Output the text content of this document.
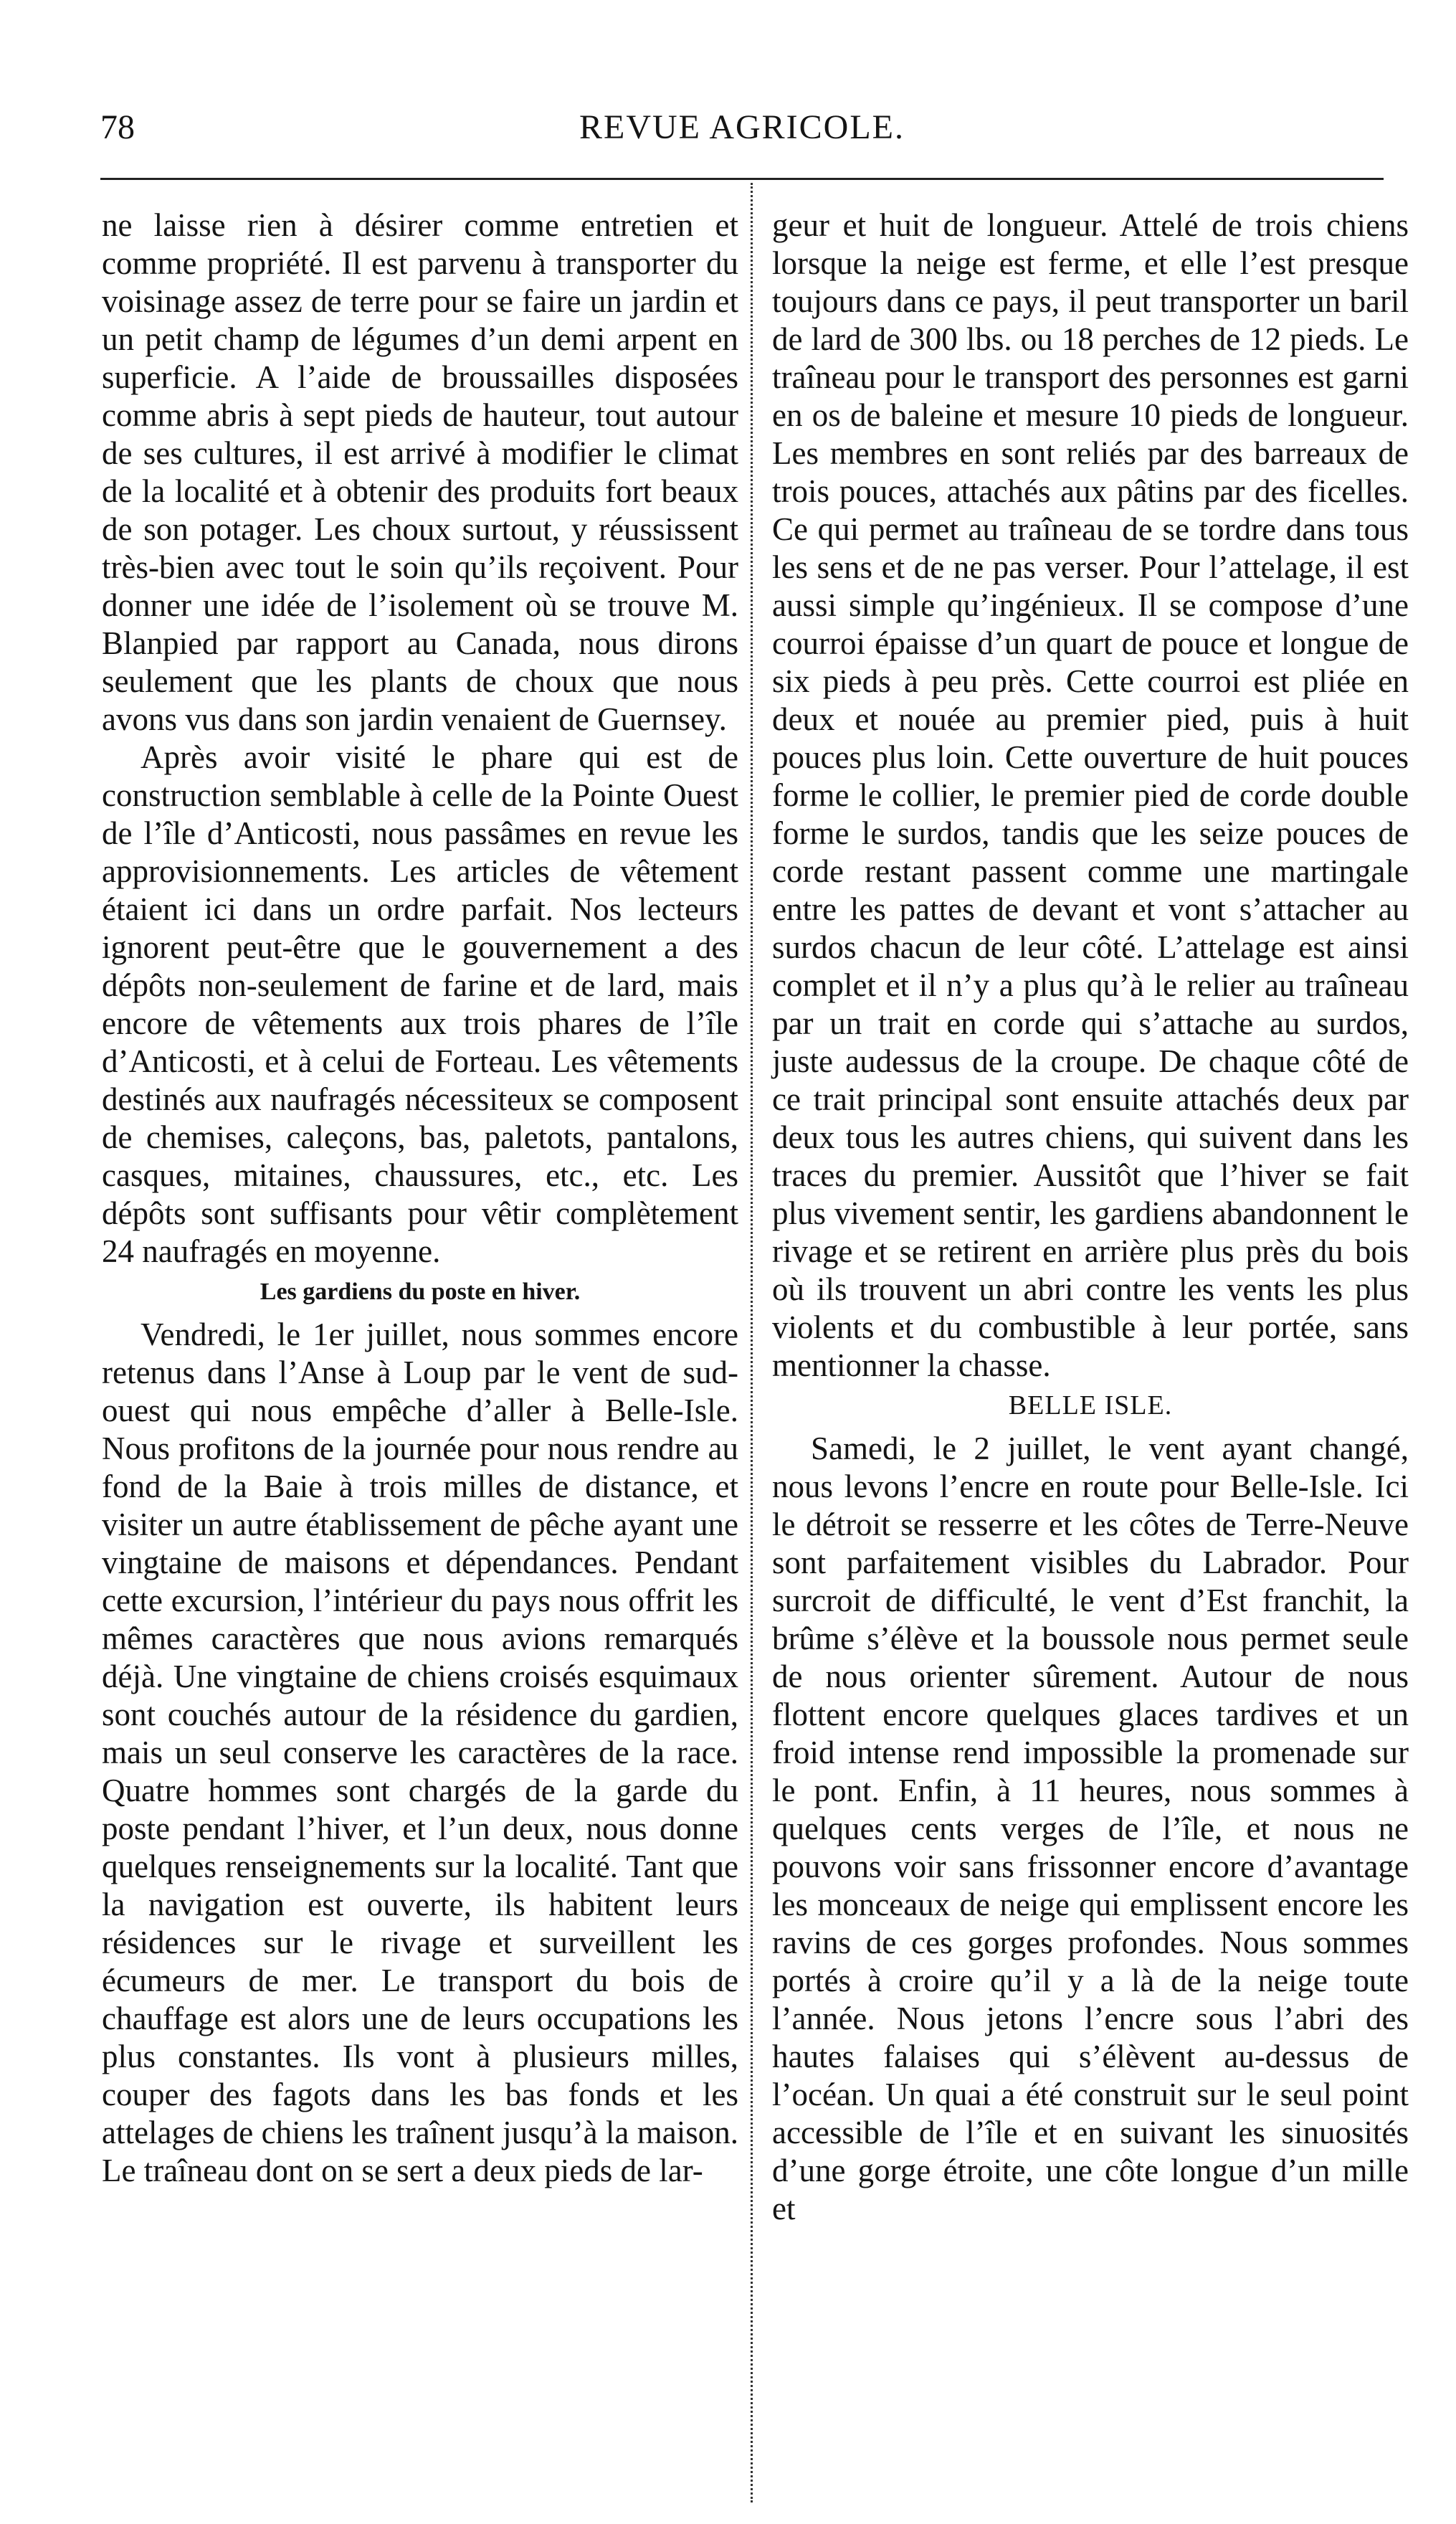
78	REVUE AGRICOLE.

ne laisse rien à désirer comme entretien et comme propriété. Il est parvenu à transporter du voisinage assez de terre pour se faire un jardin et un petit champ de légumes d’un demi arpent en superficie. A l’aide de broussailles disposées comme abris à sept pieds de hauteur, tout autour de ses cultures, il est arrivé à modifier le climat de la localité et à obtenir des produits fort beaux de son potager. Les choux surtout, y réussissent très-bien avec tout le soin qu’ils reçoivent. Pour donner une idée de l’isolement où se trouve M. Blanpied par rapport au Canada, nous dirons seulement que les plants de choux que nous avons vus dans son jardin venaient de Guernsey.

Après avoir visité le phare qui est de construction semblable à celle de la Pointe Ouest de l’île d’Anticosti, nous passâmes en revue les approvisionnements. Les articles de vêtement étaient ici dans un ordre parfait. Nos lecteurs ignorent peut-être que le gouvernement a des dépôts non-seulement de farine et de lard, mais encore de vêtements aux trois phares de l’île d’Anticosti, et à celui de Forteau. Les vêtements destinés aux naufragés nécessiteux se composent de chemises, caleçons, bas, paletots, pantalons, casques, mitaines, chaussures, etc., etc. Les dépôts sont suffisants pour vêtir complètement 24 naufragés en moyenne.

Les gardiens du poste en hiver.

Vendredi, le 1er juillet, nous sommes encore retenus dans l’Anse à Loup par le vent de sud-ouest qui nous empêche d’aller à Belle-Isle. Nous profitons de la journée pour nous rendre au fond de la Baie à trois milles de distance, et visiter un autre établissement de pêche ayant une vingtaine de maisons et dépendances. Pendant cette excursion, l’intérieur du pays nous offrit les mêmes caractères que nous avions remarqués déjà. Une vingtaine de chiens croisés esquimaux sont couchés autour de la résidence du gardien, mais un seul conserve les caractères de la race. Quatre hommes sont chargés de la garde du poste pendant l’hiver, et l’un deux, nous donne quelques renseignements sur la localité. Tant que la navigation est ouverte, ils habitent leurs résidences sur le rivage et surveillent les écumeurs de mer. Le transport du bois de chauffage est alors une de leurs occupations les plus constantes. Ils vont à plusieurs milles, couper des fagots dans les bas fonds et les attelages de chiens les traînent jusqu’à la maison. Le traîneau dont on se sert a deux pieds de lar-

geur et huit de longueur. Attelé de trois chiens lorsque la neige est ferme, et elle l’est presque toujours dans ce pays, il peut transporter un baril de lard de 300 lbs. ou 18 perches de 12 pieds. Le traîneau pour le transport des personnes est garni en os de baleine et mesure 10 pieds de longueur. Les membres en sont reliés par des barreaux de trois pouces, attachés aux pâtins par des ficelles. Ce qui permet au traîneau de se tordre dans tous les sens et de ne pas verser. Pour l’attelage, il est aussi simple qu’ingénieux. Il se compose d’une courroi épaisse d’un quart de pouce et longue de six pieds à peu près. Cette courroi est pliée en deux et nouée au premier pied, puis à huit pouces plus loin. Cette ouverture de huit pouces forme le collier, le premier pied de corde double forme le surdos, tandis que les seize pouces de corde restant passent comme une martingale entre les pattes de devant et vont s’attacher au surdos chacun de leur côté. L’attelage est ainsi complet et il n’y a plus qu’à le relier au traîneau par un trait en corde qui s’attache au surdos, juste audessus de la croupe. De chaque côté de ce trait principal sont ensuite attachés deux par deux tous les autres chiens, qui suivent dans les traces du premier. Aussitôt que l’hiver se fait plus vivement sentir, les gardiens abandonnent le rivage et se retirent en arrière plus près du bois où ils trouvent un abri contre les vents les plus violents et du combustible à leur portée, sans mentionner la chasse.

BELLE ISLE.

Samedi, le 2 juillet, le vent ayant changé, nous levons l’encre en route pour Belle-Isle. Ici le détroit se resserre et les côtes de Terre-Neuve sont parfaitement visibles du Labrador. Pour surcroit de difficulté, le vent d’Est franchit, la brûme s’élève et la boussole nous permet seule de nous orienter sûrement. Autour de nous flottent encore quelques glaces tardives et un froid intense rend impossible la promenade sur le pont. Enfin, à 11 heures, nous sommes à quelques cents verges de l’île, et nous ne pouvons voir sans frissonner encore d’avantage les monceaux de neige qui emplissent encore les ravins de ces gorges profondes. Nous sommes portés à croire qu’il y a là de la neige toute l’année. Nous jetons l’encre sous l’abri des hautes falaises qui s’élèvent au-dessus de l’océan. Un quai a été construit sur le seul point accessible de l’île et en suivant les sinuosités d’une gorge étroite, une côte longue d’un mille et
